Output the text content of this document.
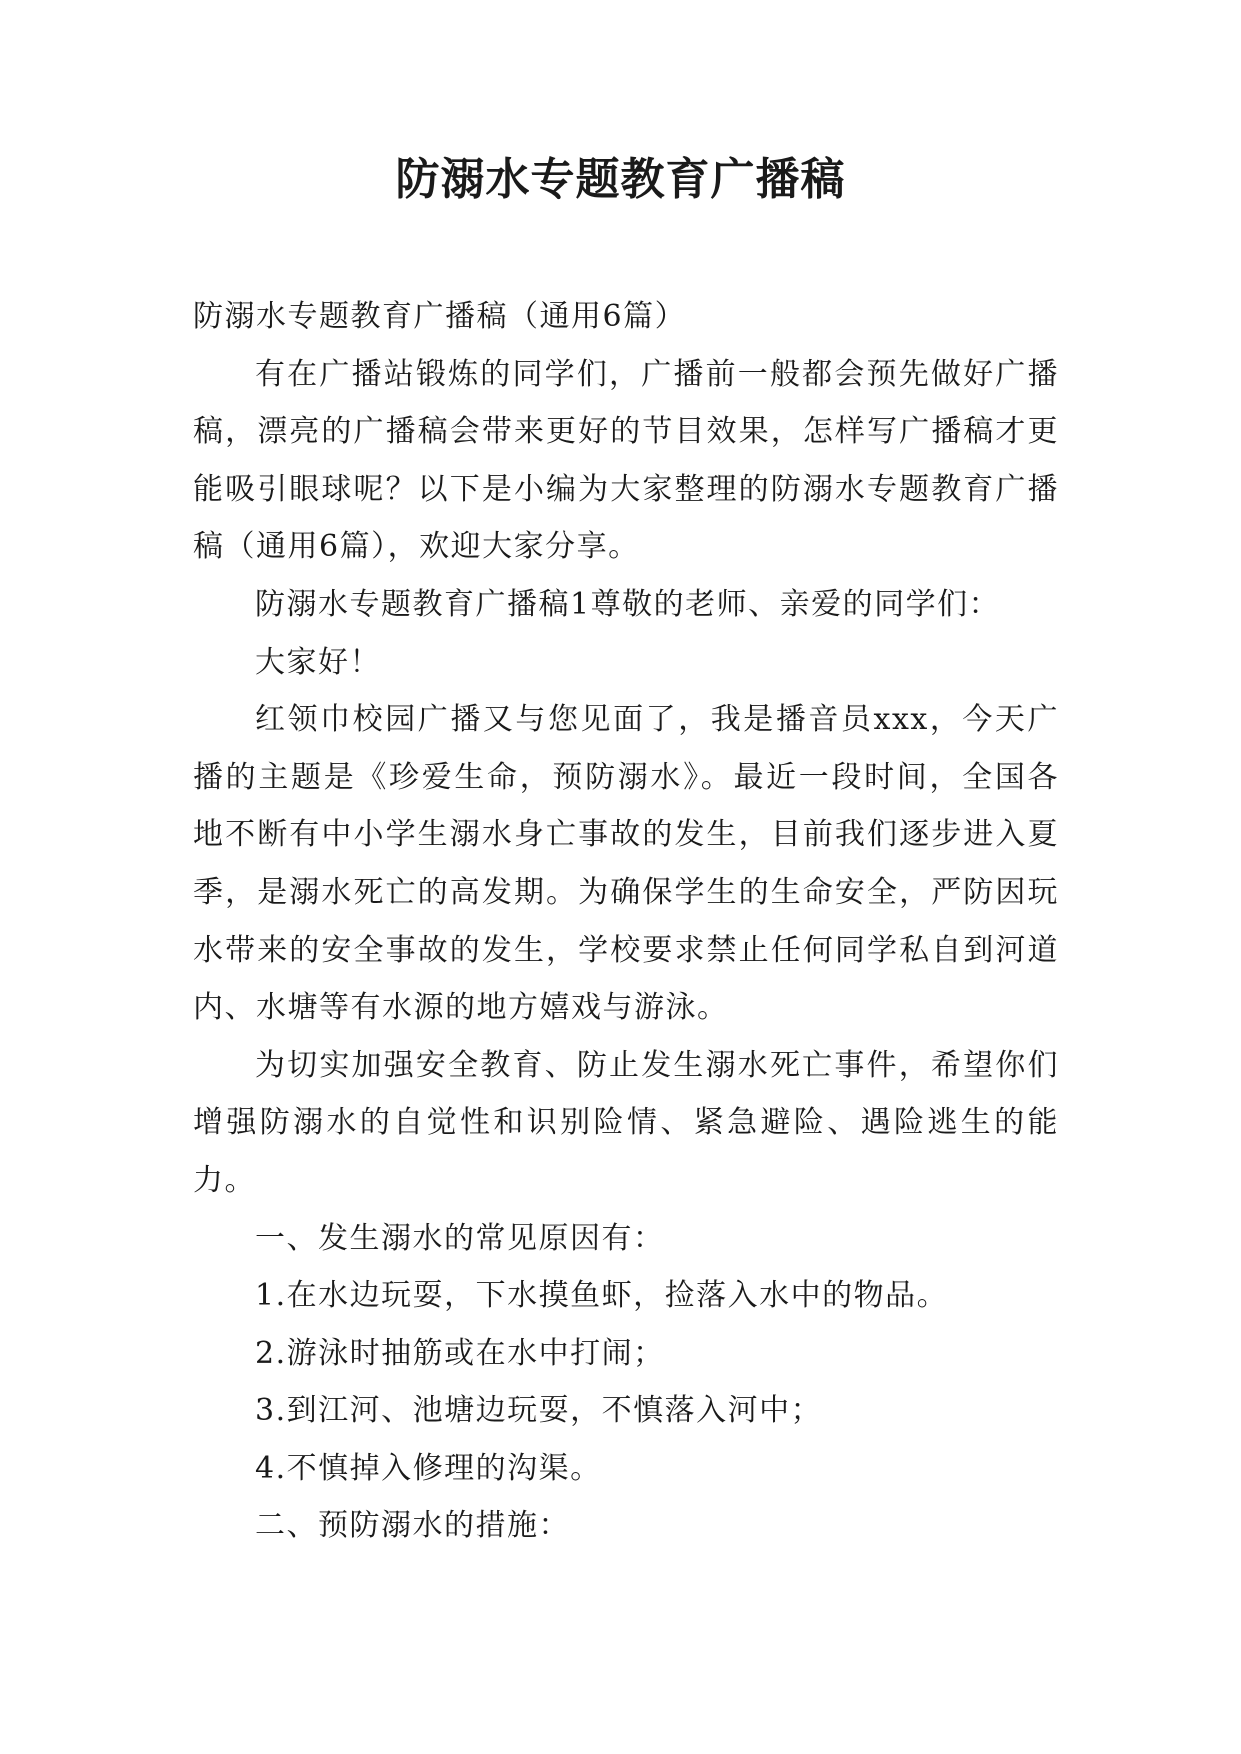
防溺水专题教育广播稿

防溺水专题教育广播稿（通用6篇）

有在广播站锻炼的同学们，广播前一般都会预先做好广播稿，漂亮的广播稿会带来更好的节目效果，怎样写广播稿才更能吸引眼球呢？以下是小编为大家整理的防溺水专题教育广播稿（通用6篇），欢迎大家分享。

防溺水专题教育广播稿1尊敬的老师、亲爱的同学们：

大家好！

红领巾校园广播又与您见面了，我是播音员xxx，今天广播的主题是《珍爱生命，预防溺水》。最近一段时间，全国各地不断有中小学生溺水身亡事故的发生，目前我们逐步进入夏季，是溺水死亡的高发期。为确保学生的生命安全，严防因玩水带来的安全事故的发生，学校要求禁止任何同学私自到河道内、水塘等有水源的地方嬉戏与游泳。

为切实加强安全教育、防止发生溺水死亡事件，希望你们增强防溺水的自觉性和识别险情、紧急避险、遇险逃生的能力。

一、发生溺水的常见原因有：

1.在水边玩耍，下水摸鱼虾，捡落入水中的物品。

2.游泳时抽筋或在水中打闹；

3.到江河、池塘边玩耍，不慎落入河中；

4.不慎掉入修理的沟渠。

二、预防溺水的措施：
